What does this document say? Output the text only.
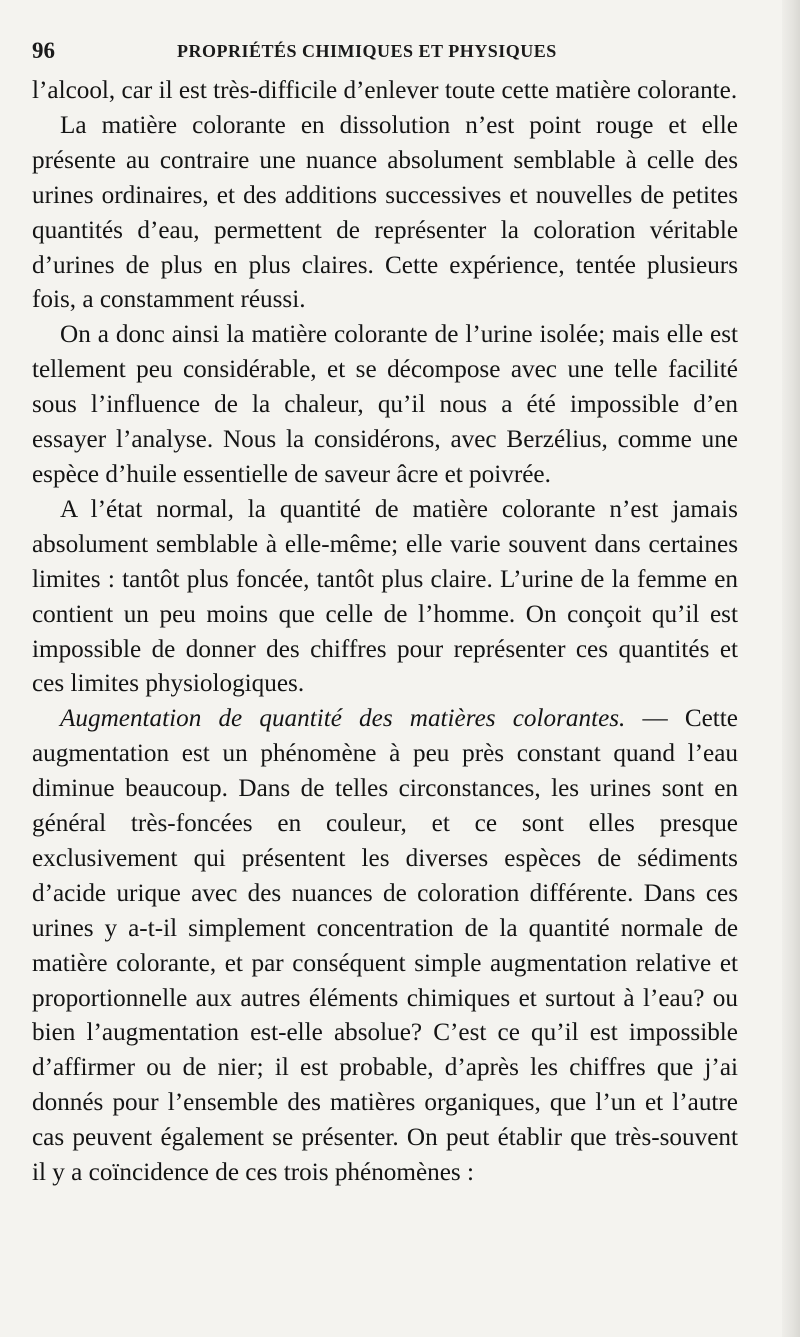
96	PROPRIÉTÉS CHIMIQUES ET PHYSIQUES

l’alcool, car il est très-difficile d’enlever toute cette matière colorante.

La matière colorante en dissolution n’est point rouge et elle présente au contraire une nuance absolument semblable à celle des urines ordinaires, et des additions successives et nouvelles de petites quantités d’eau, permettent de représenter la coloration véritable d’urines de plus en plus claires. Cette expérience, tentée plusieurs fois, a constamment réussi.

On a donc ainsi la matière colorante de l’urine isolée; mais elle est tellement peu considérable, et se décompose avec une telle facilité sous l’influence de la chaleur, qu’il nous a été impossible d’en essayer l’analyse. Nous la considérons, avec Berzélius, comme une espèce d’huile essentielle de saveur âcre et poivrée.

A l’état normal, la quantité de matière colorante n’est jamais absolument semblable à elle-même; elle varie souvent dans certaines limites : tantôt plus foncée, tantôt plus claire. L’urine de la femme en contient un peu moins que celle de l’homme. On conçoit qu’il est impossible de donner des chiffres pour représenter ces quantités et ces limites physiologiques.

Augmentation de quantité des matières colorantes. — Cette augmentation est un phénomène à peu près constant quand l’eau diminue beaucoup. Dans de telles circonstances, les urines sont en général très-foncées en couleur, et ce sont elles presque exclusivement qui présentent les diverses espèces de sédiments d’acide urique avec des nuances de coloration différente. Dans ces urines y a-t-il simplement concentration de la quantité normale de matière colorante, et par conséquent simple augmentation relative et proportionnelle aux autres éléments chimiques et surtout à l’eau? ou bien l’augmentation est-elle absolue? C’est ce qu’il est impossible d’affirmer ou de nier; il est probable, d’après les chiffres que j’ai donnés pour l’ensemble des matières organiques, que l’un et l’autre cas peuvent également se présenter. On peut établir que très-souvent il y a coïncidence de ces trois phénomènes :
